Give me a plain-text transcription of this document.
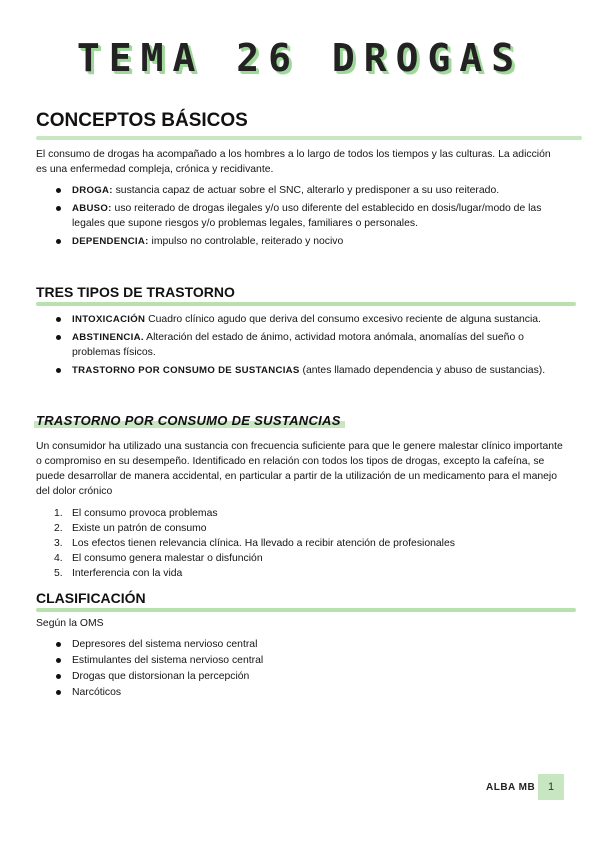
TEMA 26 DROGAS
CONCEPTOS BÁSICOS

El consumo de drogas ha acompañado a los hombres a lo largo de todos los tiempos y las culturas. La adicción es una enfermedad compleja, crónica y recidivante.

DROGA: sustancia capaz de actuar sobre el SNC, alterarlo y predisponer a su uso reiterado.
ABUSO: uso reiterado de drogas ilegales y/o uso diferente del establecido en dosis/lugar/modo de las legales que supone riesgos y/o problemas legales, familiares o personales.
DEPENDENCIA: impulso no controlable, reiterado y nocivo
TRES TIPOS DE TRASTORNO
INTOXICACIÓN Cuadro clínico agudo que deriva del consumo excesivo reciente de alguna sustancia.
ABSTINENCIA. Alteración del estado de ánimo, actividad motora anómala, anomalías del sueño o problemas físicos.
TRASTORNO POR CONSUMO DE SUSTANCIAS (antes llamado dependencia y abuso de sustancias).
TRASTORNO POR CONSUMO DE SUSTANCIAS

Un consumidor ha utilizado una sustancia con frecuencia suficiente para que le genere malestar clínico importante o compromiso en su desempeño. Identificado en relación con todos los tipos de drogas, excepto la cafeína, se puede desarrollar de manera accidental, en particular a partir de la utilización de un medicamento para el manejo del dolor crónico

1. El consumo provoca problemas
2. Existe un patrón de consumo
3. Los efectos tienen relevancia clínica. Ha llevado a recibir atención de profesionales
4. El consumo genera malestar o disfunción
5. Interferencia con la vida
CLASIFICACIÓN

Según la OMS

Depresores del sistema nervioso central
Estimulantes del sistema nervioso central
Drogas que distorsionan la percepción
Narcóticos
ALBA MB	1
